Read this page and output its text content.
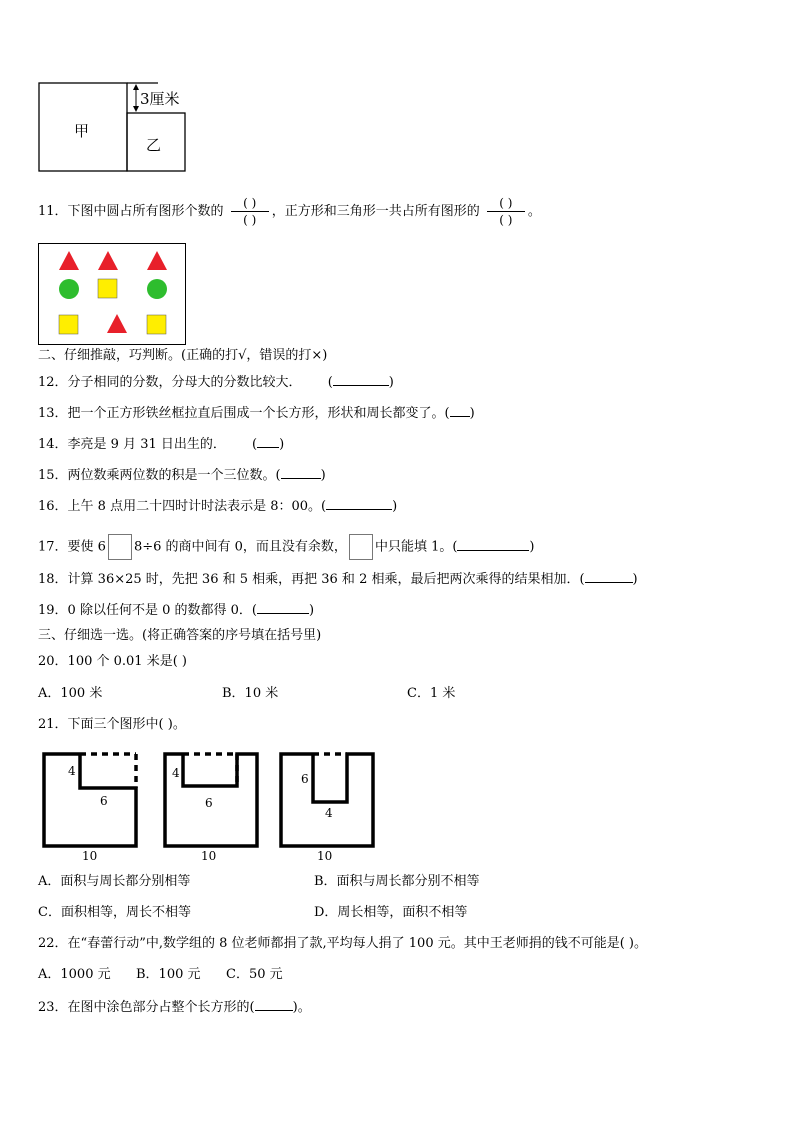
甲
乙
3厘米
11．下图中圆占所有图形个数的 $\frac{( )}{( )}$ ，正方形和三角形一共占所有图形的 $\frac{( )}{( )}$ 。
二、仔细推敲，巧判断。(正确的打√，错误的打×)
12．分子相同的分数，分母大的分数比较大． (	)
13．把一个正方形铁丝框拉直后围成一个长方形，形状和周长都变了。( )
14．李亮是 9 月 31 日出生的． ( )
15．两位数乘两位数的积是一个三位数。(	)
16．上午 8 点用二十四时计时法表示是 8：00。(	)
17．要使 6 8÷6 的商中间有 0，而且没有余数， 中只能填 1。(	)
18．计算 36×25 时，先把 36 和 5 相乘，再把 36 和 2 相乘，最后把两次乘得的结果相加．(	)
19．0 除以任何不是 0 的数都得 0．(	)
三、仔细选一选。(将正确答案的序号填在括号里)
20．100 个 0.01 米是( )
A．100 米	B．10 米	C．1 米
21．下面三个图形中( )。
4
6
10
4
6
10
6
4
10
A．面积与周长都分别相等	B．面积与周长都分别不相等
C．面积相等，周长不相等	D．周长相等，面积不相等
22．在“春蕾行动”中,数学组的 8 位老师都捐了款,平均每人捐了 100 元。其中王老师捐的钱不可能是( )。
A．1000 元 B．100 元 C．50 元
23．在图中涂色部分占整个长方形的(	)。
